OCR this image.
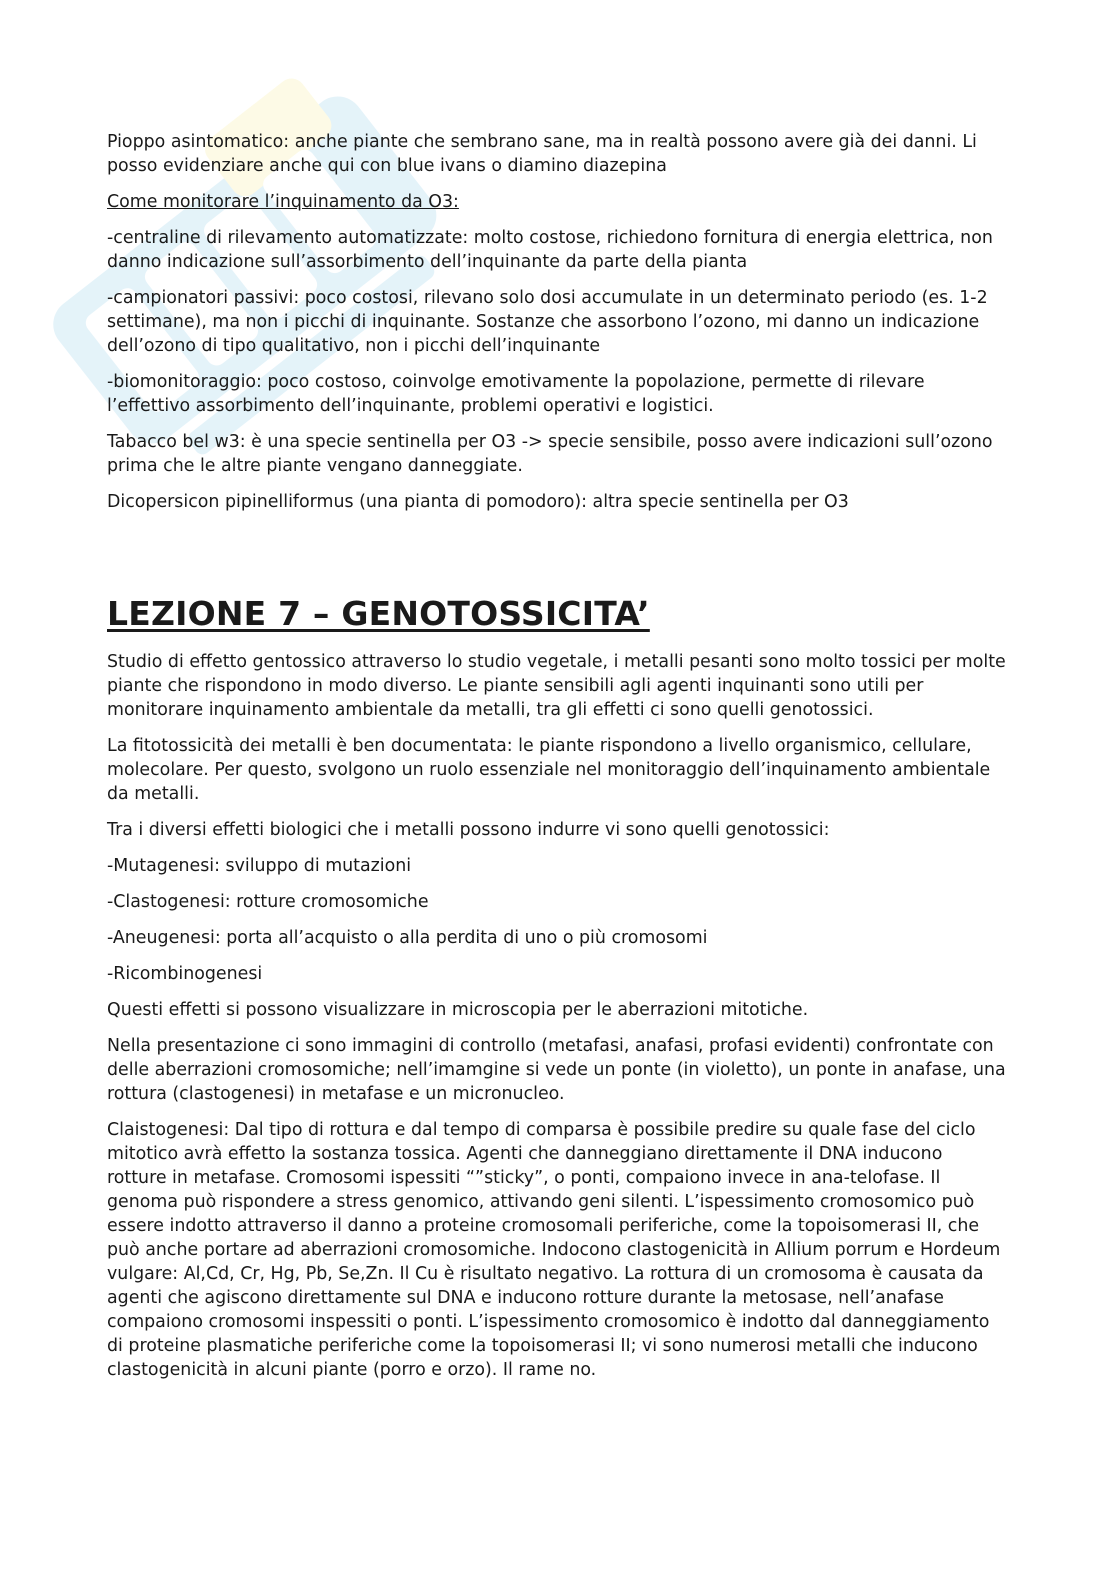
Pioppo asintomatico: anche piante che sembrano sane, ma in realtà possono avere già dei danni. Li posso evidenziare anche qui con blue ivans o diamino diazepina

Come monitorare l’inquinamento da O3:

-centraline di rilevamento automatizzate: molto costose, richiedono fornitura di energia elettrica, non danno indicazione sull’assorbimento dell’inquinante da parte della pianta

-campionatori passivi: poco costosi, rilevano solo dosi accumulate in un determinato periodo (es. 1-2 settimane), ma non i picchi di inquinante. Sostanze che assorbono l’ozono, mi danno un indicazione dell’ozono di tipo qualitativo, non i picchi dell’inquinante

-biomonitoraggio: poco costoso, coinvolge emotivamente la popolazione, permette di rilevare l’effettivo assorbimento dell’inquinante, problemi operativi e logistici.

Tabacco bel w3: è una specie sentinella per O3 -> specie sensibile, posso avere indicazioni sull’ozono prima che le altre piante vengano danneggiate.

Dicopersicon pipinelliformus (una pianta di pomodoro): altra specie sentinella per O3

LEZIONE 7 – GENOTOSSICITA’

Studio di effetto gentossico attraverso lo studio vegetale, i metalli pesanti sono molto tossici per molte piante che rispondono in modo diverso. Le piante sensibili agli agenti inquinanti sono utili per monitorare inquinamento ambientale da metalli, tra gli effetti ci sono quelli genotossici.

La fitotossicità dei metalli è ben documentata: le piante rispondono a livello organismico, cellulare, molecolare. Per questo, svolgono un ruolo essenziale nel monitoraggio dell’inquinamento ambientale da metalli.

Tra i diversi effetti biologici che i metalli possono indurre vi sono quelli genotossici:

-Mutagenesi: sviluppo di mutazioni

-Clastogenesi: rotture cromosomiche

-Aneugenesi: porta all’acquisto o alla perdita di uno o più cromosomi

-Ricombinogenesi

Questi effetti si possono visualizzare in microscopia per le aberrazioni mitotiche.

Nella presentazione ci sono immagini di controllo (metafasi, anafasi, profasi evidenti) confrontate con delle aberrazioni cromosomiche; nell’imamgine si vede un ponte (in violetto), un ponte in anafase, una rottura (clastogenesi) in metafase e un micronucleo.

Claistogenesi: Dal tipo di rottura e dal tempo di comparsa è possibile predire su quale fase del ciclo mitotico avrà effetto la sostanza tossica. Agenti che danneggiano direttamente il DNA inducono rotture in metafase. Cromosomi ispessiti “”sticky”, o ponti, compaiono invece in ana-telofase. Il genoma può rispondere a stress genomico, attivando geni silenti. L’ispessimento cromosomico può essere indotto attraverso il danno a proteine cromosomali periferiche, come la topoisomerasi II, che può anche portare ad aberrazioni cromosomiche. Indocono clastogenicità in Allium porrum e Hordeum vulgare: Al,Cd, Cr, Hg, Pb, Se,Zn. Il Cu è risultato negativo. La rottura di un cromosoma è causata da agenti che agiscono direttamente sul DNA e inducono rotture durante la metosase, nell’anafase compaiono cromosomi inspessiti o ponti. L’ispessimento cromosomico è indotto dal danneggiamento di proteine plasmatiche periferiche come la topoisomerasi II; vi sono numerosi metalli che inducono clastogenicità in alcuni piante (porro e orzo). Il rame no.
